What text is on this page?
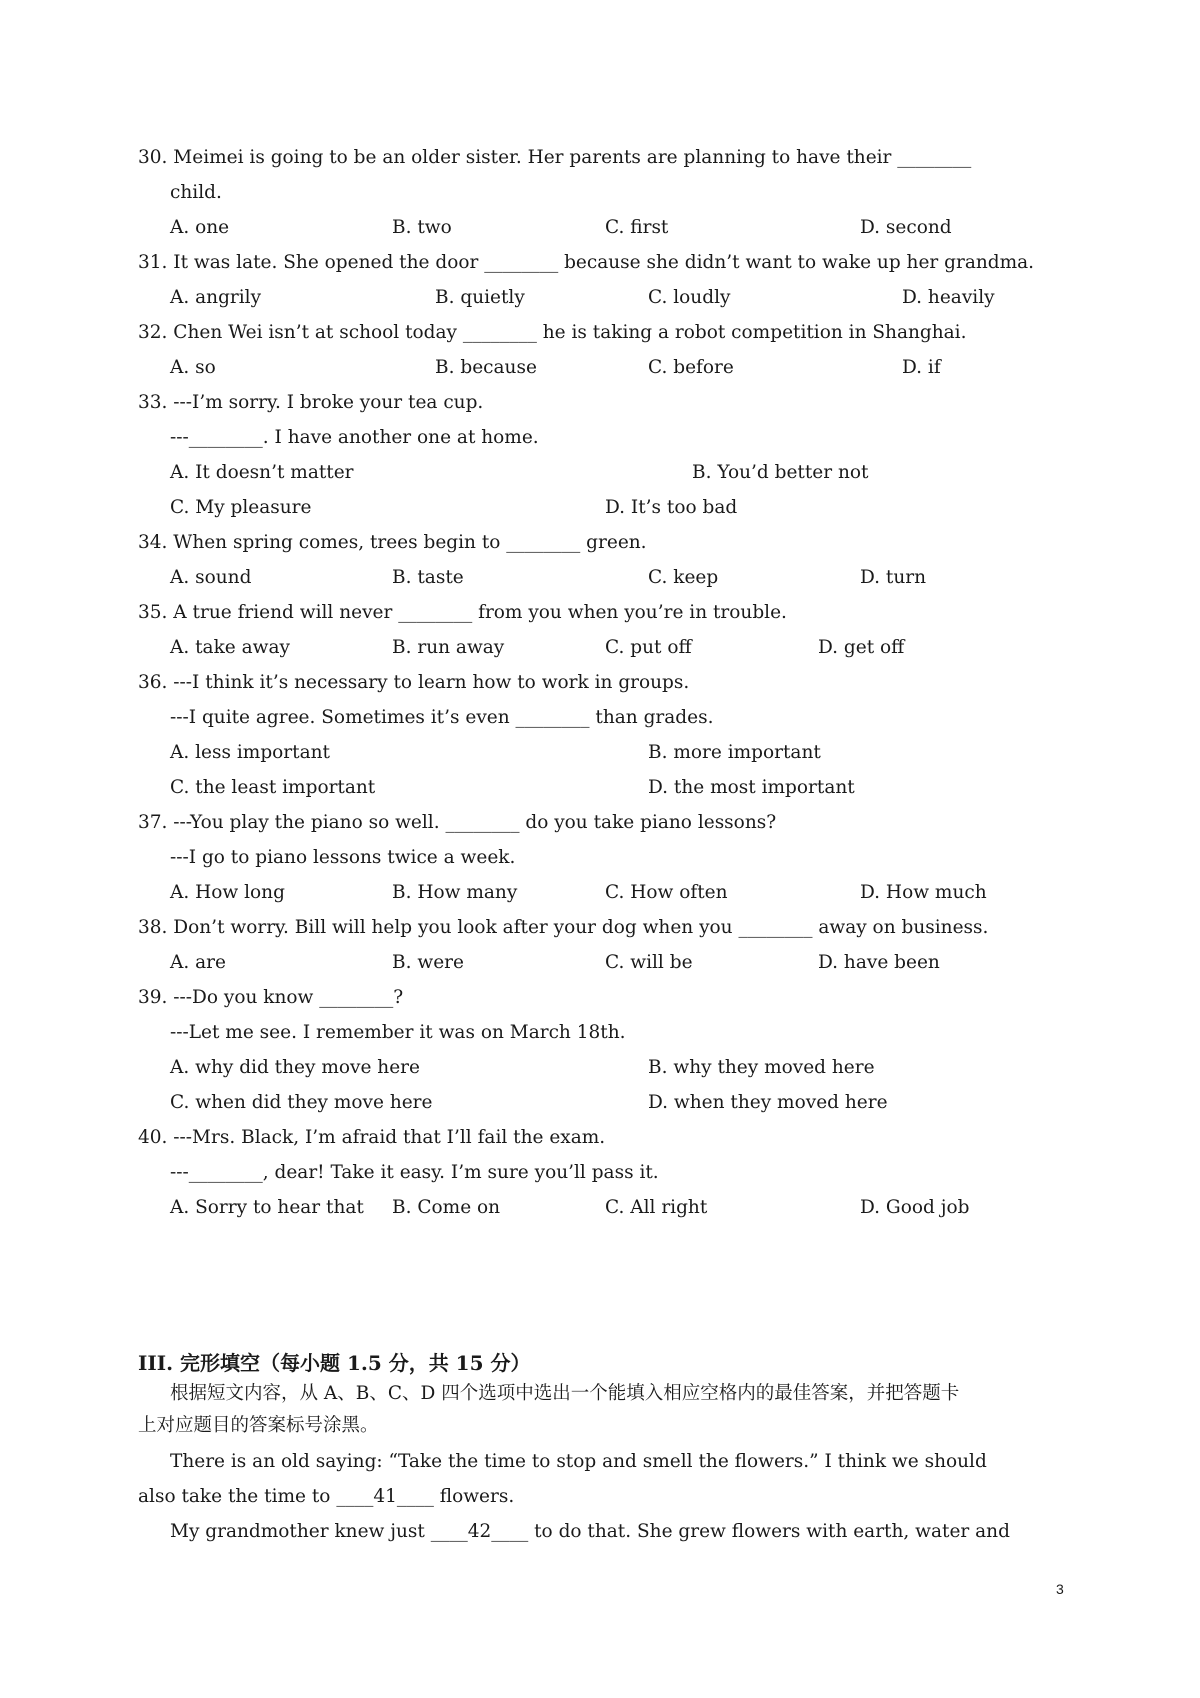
30. Meimei is going to be an older sister. Her parents are planning to have their ________
child.
A. one	B. two	C. first	D. second
31. It was late. She opened the door ________ because she didn’t want to wake up her grandma.
A. angrily	B. quietly	C. loudly	D. heavily
32. Chen Wei isn’t at school today ________ he is taking a robot competition in Shanghai.
A. so	B. because	C. before	D. if
33. ---I’m sorry. I broke your tea cup.
---________. I have another one at home.
A. It doesn’t matter	B. You’d better not
C. My pleasure	D. It’s too bad
34. When spring comes, trees begin to ________ green.
A. sound	B. taste	C. keep	D. turn
35. A true friend will never ________ from you when you’re in trouble.
A. take away	B. run away	C. put off	D. get off
36. ---I think it’s necessary to learn how to work in groups.
---I quite agree. Sometimes it’s even ________ than grades.
A. less important	B. more important
C. the least important	D. the most important
37. ---You play the piano so well. ________ do you take piano lessons?
---I go to piano lessons twice a week.
A. How long	B. How many	C. How often	D. How much
38. Don’t worry. Bill will help you look after your dog when you ________ away on business.
A. are	B. were	C. will be	D. have been
39. ---Do you know ________?
---Let me see. I remember it was on March 18th.
A. why did they move here	B. why they moved here
C. when did they move here	D. when they moved here
40. ---Mrs. Black, I’m afraid that I’ll fail the exam.
---________, dear! Take it easy. I’m sure you’ll pass it.
A. Sorry to hear that B. Come on	C. All right	D. Good job
III. 完形填空（每小题 1.5 分，共 15 分）
根据短文内容，从 A、B、C、D 四个选项中选出一个能填入相应空格内的最佳答案，并把答题卡
上对应题目的答案标号涂黑。
There is an old saying: “Take the time to stop and smell the flowers.” I think we should
also take the time to ____41____ flowers.
My grandmother knew just ____42____ to do that. She grew flowers with earth, water and
3
